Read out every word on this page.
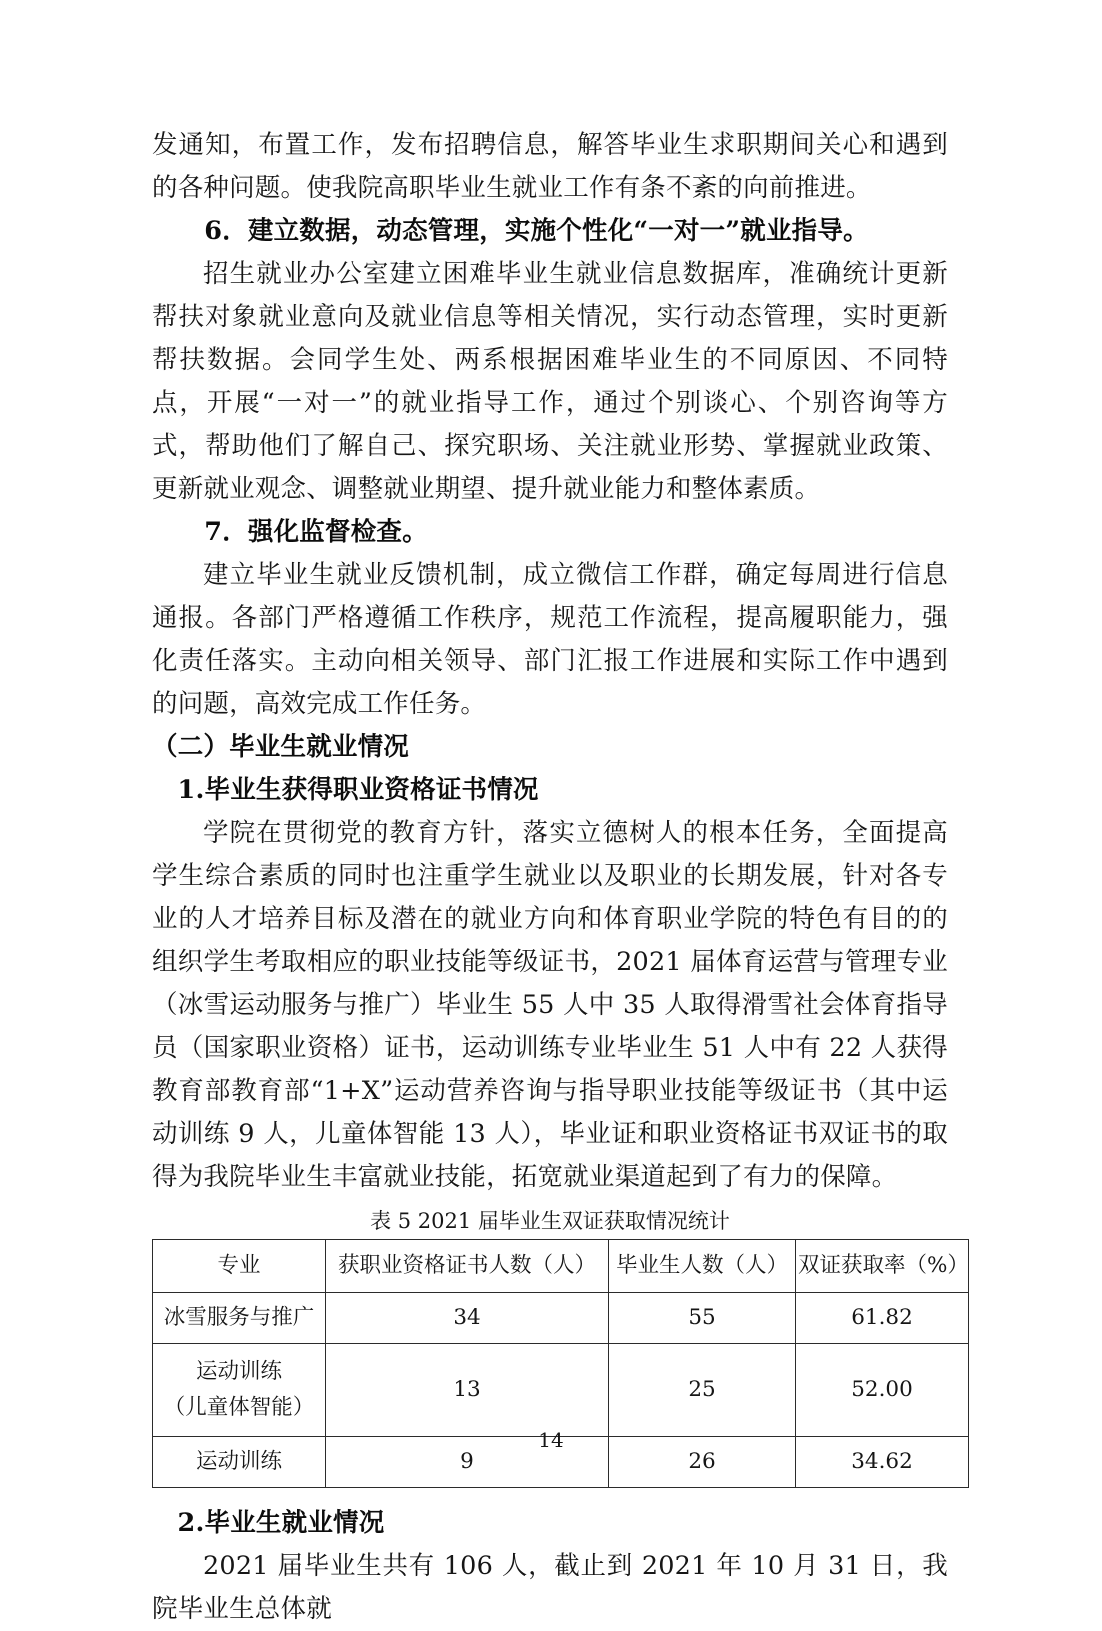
发通知，布置工作，发布招聘信息，解答毕业生求职期间关心和遇到的各种问题。使我院高职毕业生就业工作有条不紊的向前推进。

6．建立数据，动态管理，实施个性化“一对一”就业指导。

招生就业办公室建立困难毕业生就业信息数据库，准确统计更新帮扶对象就业意向及就业信息等相关情况，实行动态管理，实时更新帮扶数据。会同学生处、两系根据困难毕业生的不同原因、不同特点，开展“一对一”的就业指导工作，通过个别谈心、个别咨询等方式，帮助他们了解自己、探究职场、关注就业形势、掌握就业政策、更新就业观念、调整就业期望、提升就业能力和整体素质。

7．强化监督检查。

建立毕业生就业反馈机制，成立微信工作群，确定每周进行信息通报。各部门严格遵循工作秩序，规范工作流程，提高履职能力，强化责任落实。主动向相关领导、部门汇报工作进展和实际工作中遇到的问题，高效完成工作任务。

（二）毕业生就业情况

1.毕业生获得职业资格证书情况

学院在贯彻党的教育方针，落实立德树人的根本任务，全面提高学生综合素质的同时也注重学生就业以及职业的长期发展，针对各专业的人才培养目标及潜在的就业方向和体育职业学院的特色有目的的组织学生考取相应的职业技能等级证书，2021 届体育运营与管理专业（冰雪运动服务与推广）毕业生 55 人中 35 人取得滑雪社会体育指导员（国家职业资格）证书，运动训练专业毕业生 51 人中有 22 人获得教育部教育部“1+X”运动营养咨询与指导职业技能等级证书（其中运动训练 9 人，儿童体智能 13 人），毕业证和职业资格证书双证书的取得为我院毕业生丰富就业技能，拓宽就业渠道起到了有力的保障。

表 5 2021 届毕业生双证获取情况统计
专业	获职业资格证书人数（人）	毕业生人数（人）	双证获取率（%）
冰雪服务与推广	34	55	61.82

运动训练
（儿童体智能）	13	25	52.00
运动训练	9	26	34.62

2.毕业生就业情况

2021 届毕业生共有 106 人，截止到 2021 年 10 月 31 日，我院毕业生总体就

14
